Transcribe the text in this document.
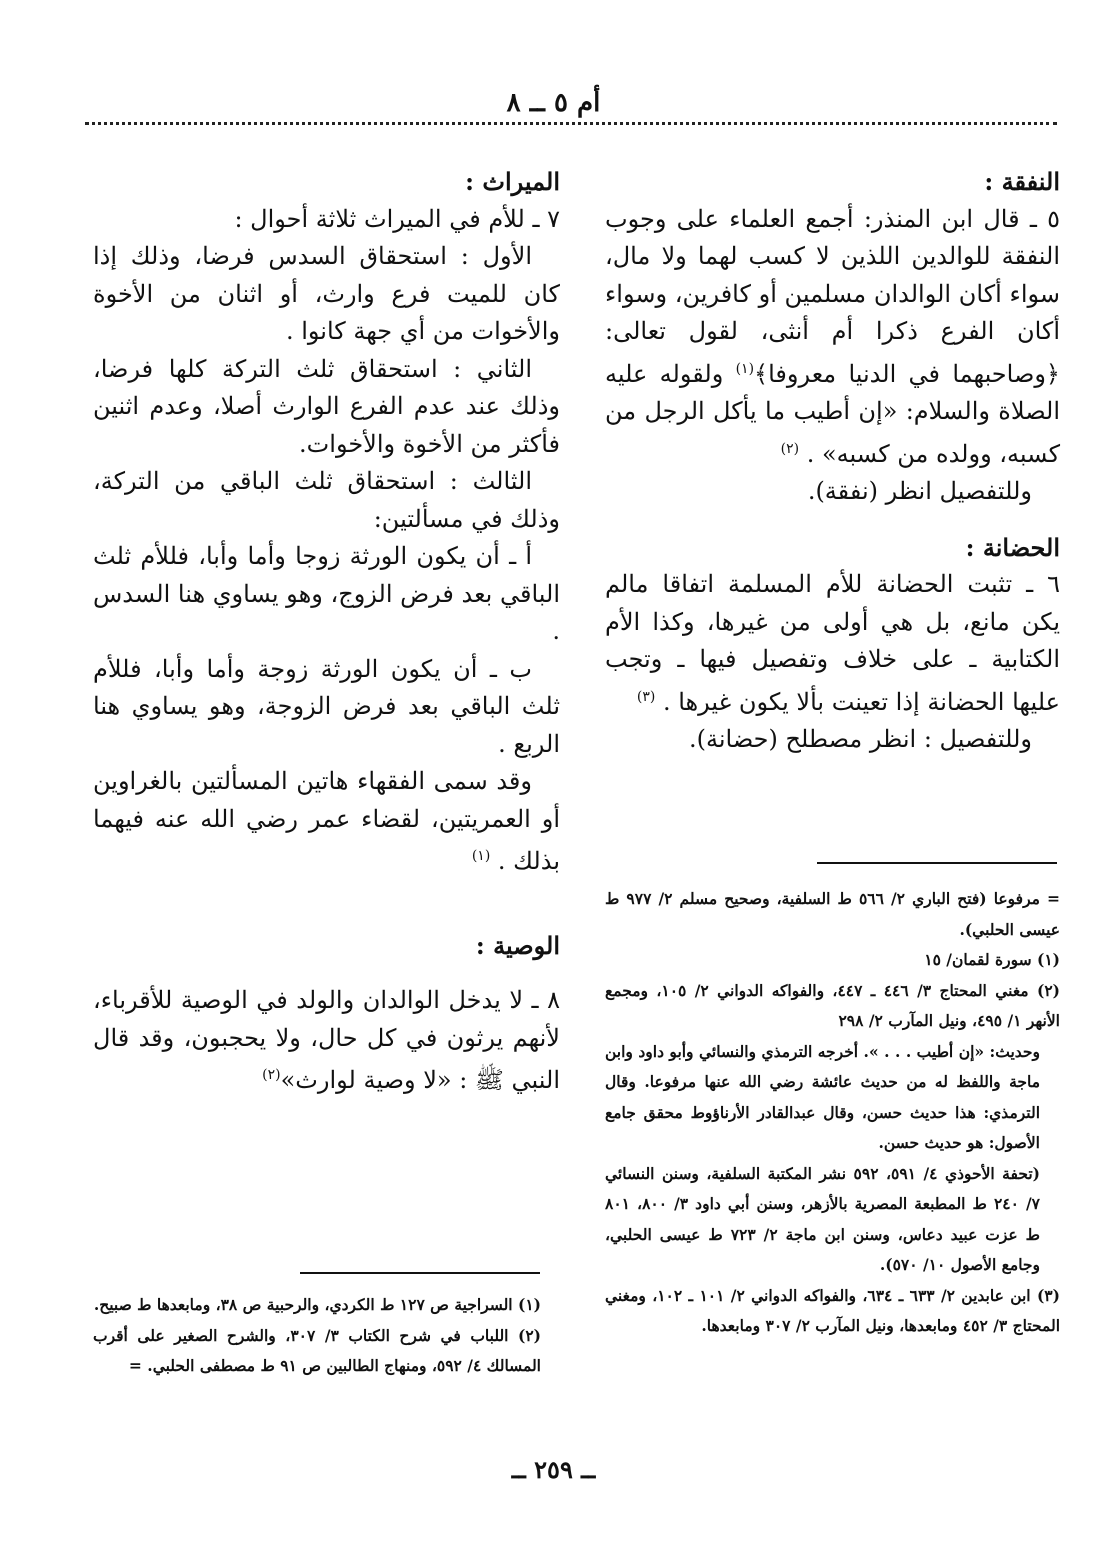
أم ٥ ــ ٨

النفقة :

٥ ـ قال ابن المنذر: أجمع العلماء على وجوب النفقة للوالدين اللذين لا كسب لهما ولا مال، سواء أكان الوالدان مسلمين أو كافرين، وسواء أكان الفرع ذكرا أم أنثى، لقول تعالى: ﴿وصاحبهما في الدنيا معروفا﴾$^{(١)}$ ولقوله عليه الصلاة والسلام: «إن أطيب ما يأكل الرجل من كسبه، وولده من كسبه» . $^{(٢)}$

وللتفصيل انظر (نفقة).

الحضانة :

٦ ـ تثبت الحضانة للأم المسلمة اتفاقا مالم يكن مانع، بل هي أولى من غيرها، وكذا الأم الكتابية ـ على خلاف وتفصيل فيها ـ وتجب عليها الحضانة إذا تعينت بألا يكون غيرها . $^{(٣)}$

وللتفصيل : انظر مصطلح (حضانة).

الميراث :

٧ ـ للأم في الميراث ثلاثة أحوال :

الأول : استحقاق السدس فرضا، وذلك إذا كان للميت فرع وارث، أو اثنان من الأخوة والأخوات من أي جهة كانوا .

الثاني : استحقاق ثلث التركة كلها فرضا، وذلك عند عدم الفرع الوارث أصلا، وعدم اثنين فأكثر من الأخوة والأخوات.

الثالث : استحقاق ثلث الباقي من التركة، وذلك في مسألتين:

أ ـ أن يكون الورثة زوجا وأما وأبا، فللأم ثلث الباقي بعد فرض الزوج، وهو يساوي هنا السدس .

ب ـ أن يكون الورثة زوجة وأما وأبا، فللأم ثلث الباقي بعد فرض الزوجة، وهو يساوي هنا الربع .

وقد سمى الفقهاء هاتين المسألتين بالغراوين أو العمريتين، لقضاء عمر رضي الله عنه فيهما بذلك . $^{(١)}$

الوصية :

٨ ـ لا يدخل الوالدان والولد في الوصية للأقرباء، لأنهم يرثون في كل حال، ولا يحجبون، وقد قال النبي ﷺ : «لا وصية لوارث»$^{(٢)}$

= مرفوعا (فتح الباري ٢/ ٥٦٦ ط السلفية، وصحيح مسلم ٢/ ٩٧٧ ط عيسى الحلبي).

(١) سورة لقمان/ ١٥

(٢) مغني المحتاج ٣/ ٤٤٦ ـ ٤٤٧، والفواكه الدواني ٢/ ١٠٥، ومجمع الأنهر ١/ ٤٩٥، ونيل المآرب ٢/ ٢٩٨

وحديث: «إن أطيب . . . ». أخرجه الترمذي والنسائي وأبو داود وابن ماجة واللفظ له من حديث عائشة رضي الله عنها مرفوعا. وقال الترمذي: هذا حديث حسن، وقال عبدالقادر الأرناؤوط محقق جامع الأصول: هو حديث حسن.

(تحفة الأحوذي ٤/ ٥٩١، ٥٩٢ نشر المكتبة السلفية، وسنن النسائي ٧/ ٢٤٠ ط المطبعة المصرية بالأزهر، وسنن أبي داود ٣/ ٨٠٠، ٨٠١ ط عزت عبيد دعاس، وسنن ابن ماجة ٢/ ٧٢٣ ط عيسى الحلبي، وجامع الأصول ١٠/ ٥٧٠).

(٣) ابن عابدين ٢/ ٦٣٣ ـ ٦٣٤، والفواكه الدواني ٢/ ١٠١ ـ ١٠٢، ومغني المحتاج ٣/ ٤٥٢ ومابعدها، ونيل المآرب ٢/ ٣٠٧ ومابعدها.

(١) السراجية ص ١٢٧ ط الكردي، والرحبية ص ٣٨، ومابعدها ط صبيح.

(٢) اللباب في شرح الكتاب ٣/ ٣٠٧، والشرح الصغير على أقرب المسالك ٤/ ٥٩٢، ومنهاج الطالبين ص ٩١ ط مصطفى الحلبي. =

ــ ٢٥٩ ــ
